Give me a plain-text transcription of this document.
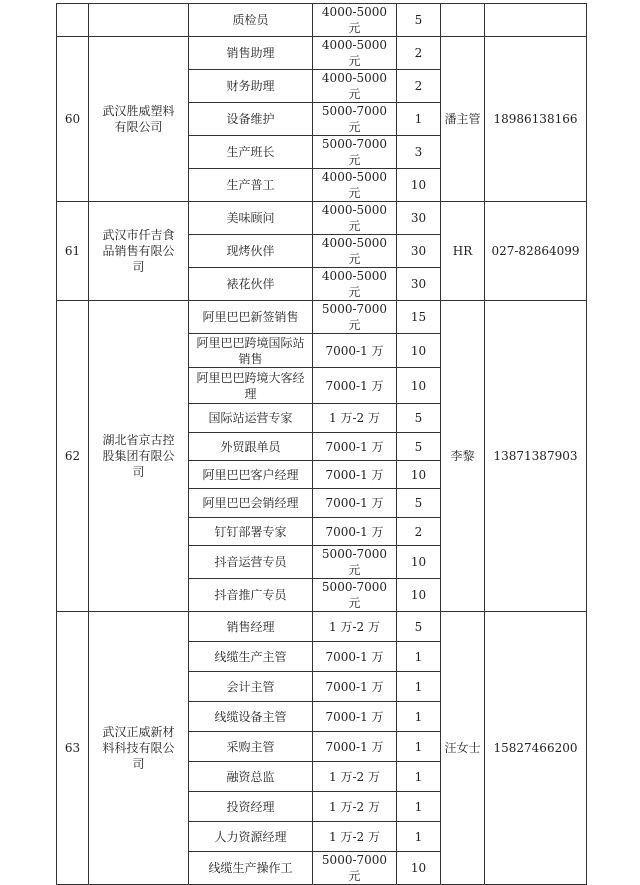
		质检员	4000-5000 元	5		
60	武汉胜威塑料有限公司	销售助理	4000-5000 元	2	潘主管	18986138166
		财务助理	4000-5000 元	2		
		设备维护	5000-7000 元	1		
		生产班长	5000-7000 元	3		
		生产普工	4000-5000 元	10		
61	武汉市仟吉食品销售有限公司	美味顾问	4000-5000 元	30	HR	027-82864099
		现烤伙伴	4000-5000 元	30		
		裱花伙伴	4000-5000 元	30		
62	湖北省京古控股集团有限公司	阿里巴巴新签销售	5000-7000 元	15	李黎	13871387903
		阿里巴巴跨境国际站销售	7000-1 万	10		
		阿里巴巴跨境大客经理	7000-1 万	10		
		国际站运营专家	1 万-2 万	5		
		外贸跟单员	7000-1 万	5		
		阿里巴巴客户经理	7000-1 万	10		
		阿里巴巴会销经理	7000-1 万	5		
		钉钉部署专家	7000-1 万	2		
		抖音运营专员	5000-7000 元	10		
		抖音推广专员	5000-7000 元	10		
63	武汉正威新材料科技有限公司	销售经理	1 万-2 万	5	汪女士	15827466200
		线缆生产主管	7000-1 万	1		
		会计主管	7000-1 万	1		
		线缆设备主管	7000-1 万	1		
		采购主管	7000-1 万	1		
		融资总监	1 万-2 万	1		
		投资经理	1 万-2 万	1		
		人力资源经理	1 万-2 万	1		
		线缆生产操作工	5000-7000 元	10		
